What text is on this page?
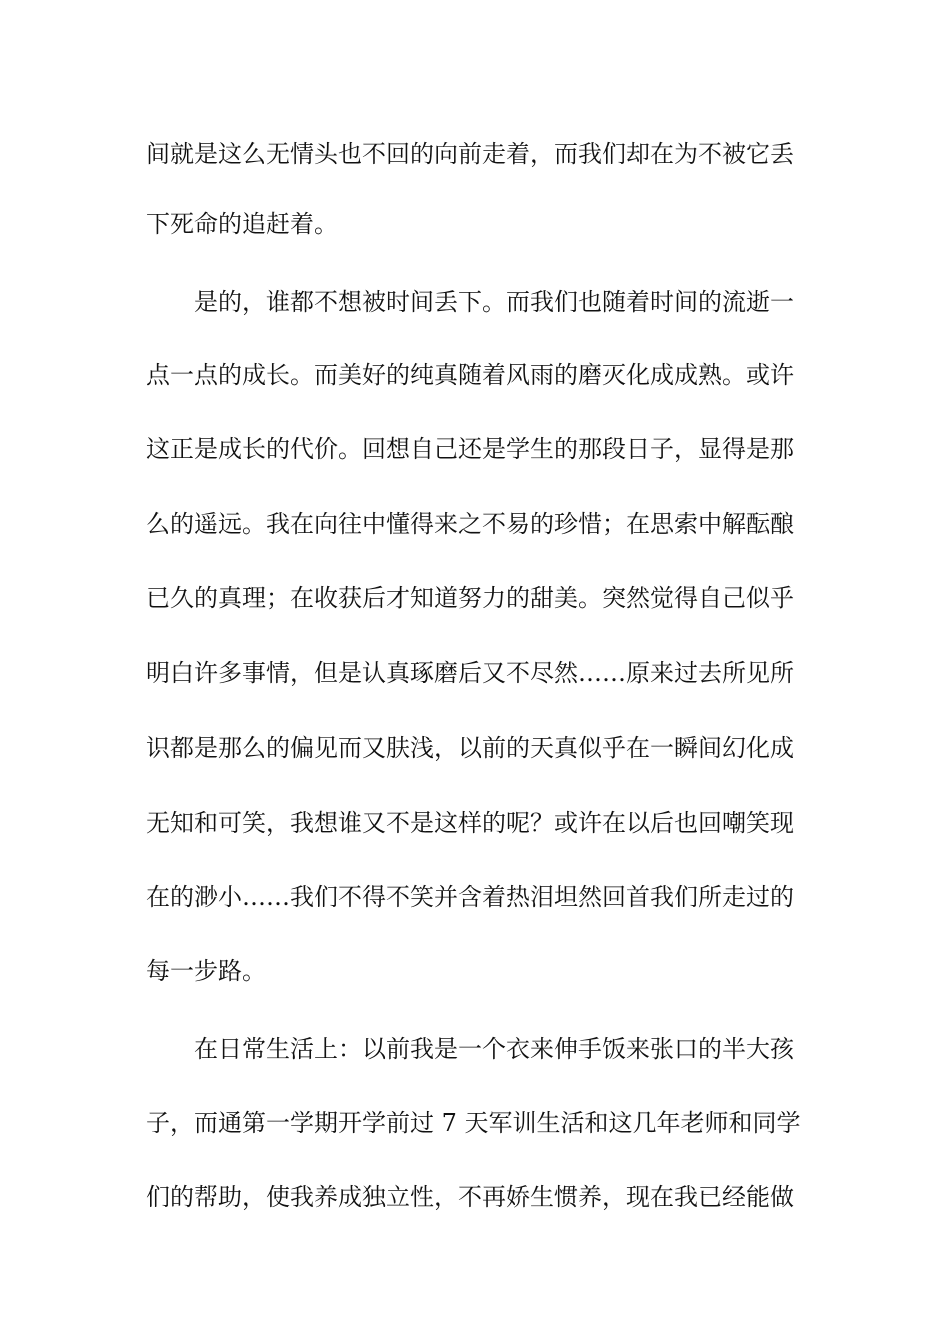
间就是这么无情头也不回的向前走着，而我们却在为不被它丢
下死命的追赶着。
　　是的，谁都不想被时间丢下。而我们也随着时间的流逝一
点一点的成长。而美好的纯真随着风雨的磨灭化成成熟。或许
这正是成长的代价。回想自己还是学生的那段日子，显得是那
么的遥远。我在向往中懂得来之不易的珍惜；在思索中解酝酿
已久的真理；在收获后才知道努力的甜美。突然觉得自己似乎
明白许多事情，但是认真琢磨后又不尽然……原来过去所见所
识都是那么的偏见而又肤浅，以前的天真似乎在一瞬间幻化成
无知和可笑，我想谁又不是这样的呢？或许在以后也回嘲笑现
在的渺小……我们不得不笑并含着热泪坦然回首我们所走过的
每一步路。
　　在日常生活上：以前我是一个衣来伸手饭来张口的半大孩
子，而通第一学期开学前过 7 天军训生活和这几年老师和同学
们的帮助，使我养成独立性，不再娇生惯养，现在我已经能做
